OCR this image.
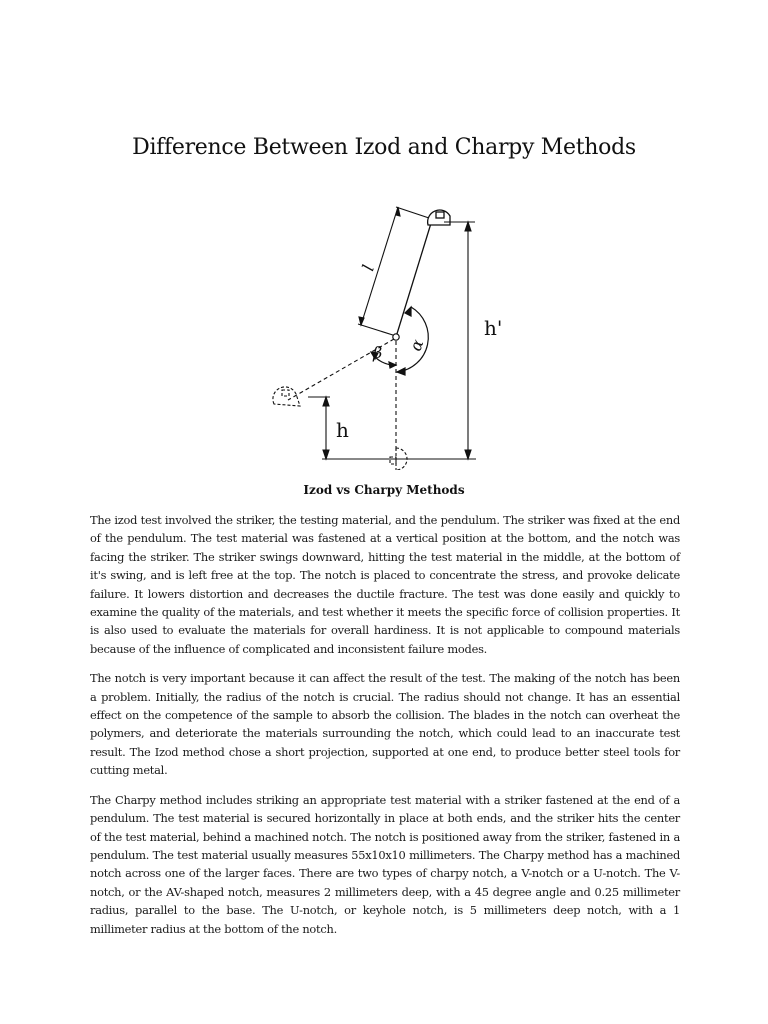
Difference Between Izod and Charpy Methods
l
h'
α
β
h
Izod vs Charpy Methods

The izod test involved the striker, the testing material, and the pendulum. The striker was fixed at the end of the pendulum. The test material was fastened at a vertical position at the bottom, and the notch was facing the striker. The striker swings downward, hitting the test material in the middle, at the bottom of it's swing, and is left free at the top. The notch is placed to concentrate the stress, and provoke delicate failure. It lowers distortion and decreases the ductile fracture. The test was done easily and quickly to examine the quality of the materials, and test whether it meets the specific force of collision properties. It is also used to evaluate the materials for overall hardiness. It is not applicable to compound materials because of the influence of complicated and inconsistent failure modes.

The notch is very important because it can affect the result of the test. The making of the notch has been a problem. Initially, the radius of the notch is crucial. The radius should not change. It has an essential effect on the competence of the sample to absorb the collision. The blades in the notch can overheat the polymers, and deteriorate the materials surrounding the notch, which could lead to an inaccurate test result. The Izod method chose a short projection, supported at one end, to produce better steel tools for cutting metal.

The Charpy method includes striking an appropriate test material with a striker fastened at the end of a pendulum. The test material is secured horizontally in place at both ends, and the striker hits the center of the test material, behind a machined notch. The notch is positioned away from the striker, fastened in a pendulum. The test material usually measures 55x10x10 millimeters. The Charpy method has a machined notch across one of the larger faces. There are two types of charpy notch, a V-notch or a U-notch. The V-notch, or the AV-shaped notch, measures 2 millimeters deep, with a 45 degree angle and 0.25 millimeter radius, parallel to the base. The U-notch, or keyhole notch, is 5 millimeters deep notch, with a 1 millimeter radius at the bottom of the notch.
